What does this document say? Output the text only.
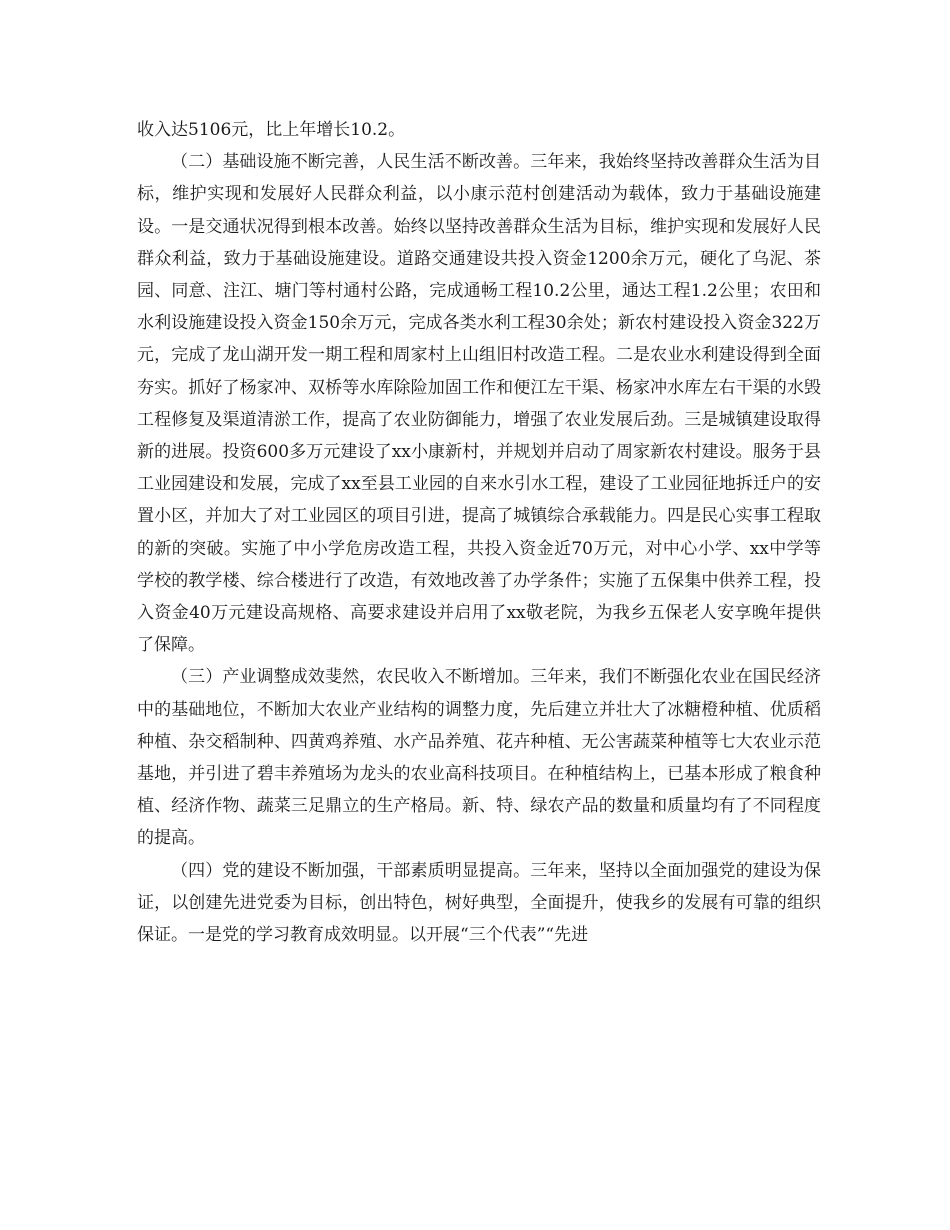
收入达5106元，比上年增长10.2。

（二）基础设施不断完善，人民生活不断改善。三年来，我始终坚持改善群众生活为目标，维护实现和发展好人民群众利益，以小康示范村创建活动为载体，致力于基础设施建设。一是交通状况得到根本改善。始终以坚持改善群众生活为目标，维护实现和发展好人民群众利益，致力于基础设施建设。道路交通建设共投入资金1200余万元，硬化了乌泥、茶园、同意、注江、塘门等村通村公路，完成通畅工程10.2公里，通达工程1.2公里；农田和水利设施建设投入资金150余万元，完成各类水利工程30余处；新农村建设投入资金322万元，完成了龙山湖开发一期工程和周家村上山组旧村改造工程。二是农业水利建设得到全面夯实。抓好了杨家冲、双桥等水库除险加固工作和便江左干渠、杨家冲水库左右干渠的水毁工程修复及渠道清淤工作，提高了农业防御能力，增强了农业发展后劲。三是城镇建设取得新的进展。投资600多万元建设了xx小康新村，并规划并启动了周家新农村建设。服务于县工业园建设和发展，完成了xx至县工业园的自来水引水工程，建设了工业园征地拆迁户的安置小区，并加大了对工业园区的项目引进，提高了城镇综合承载能力。四是民心实事工程取的新的突破。实施了中小学危房改造工程，共投入资金近70万元，对中心小学、xx中学等学校的教学楼、综合楼进行了改造，有效地改善了办学条件；实施了五保集中供养工程，投入资金40万元建设高规格、高要求建设并启用了xx敬老院，为我乡五保老人安享晚年提供了保障。

（三）产业调整成效斐然，农民收入不断增加。三年来，我们不断强化农业在国民经济中的基础地位，不断加大农业产业结构的调整力度，先后建立并壮大了冰糖橙种植、优质稻种植、杂交稻制种、四黄鸡养殖、水产品养殖、花卉种植、无公害蔬菜种植等七大农业示范基地，并引进了碧丰养殖场为龙头的农业高科技项目。在种植结构上，已基本形成了粮食种植、经济作物、蔬菜三足鼎立的生产格局。新、特、绿农产品的数量和质量均有了不同程度的提高。

（四）党的建设不断加强，干部素质明显提高。三年来，坚持以全面加强党的建设为保证，以创建先进党委为目标，创出特色，树好典型，全面提升，使我乡的发展有可靠的组织保证。一是党的学习教育成效明显。以开展“三个代表”“先进
